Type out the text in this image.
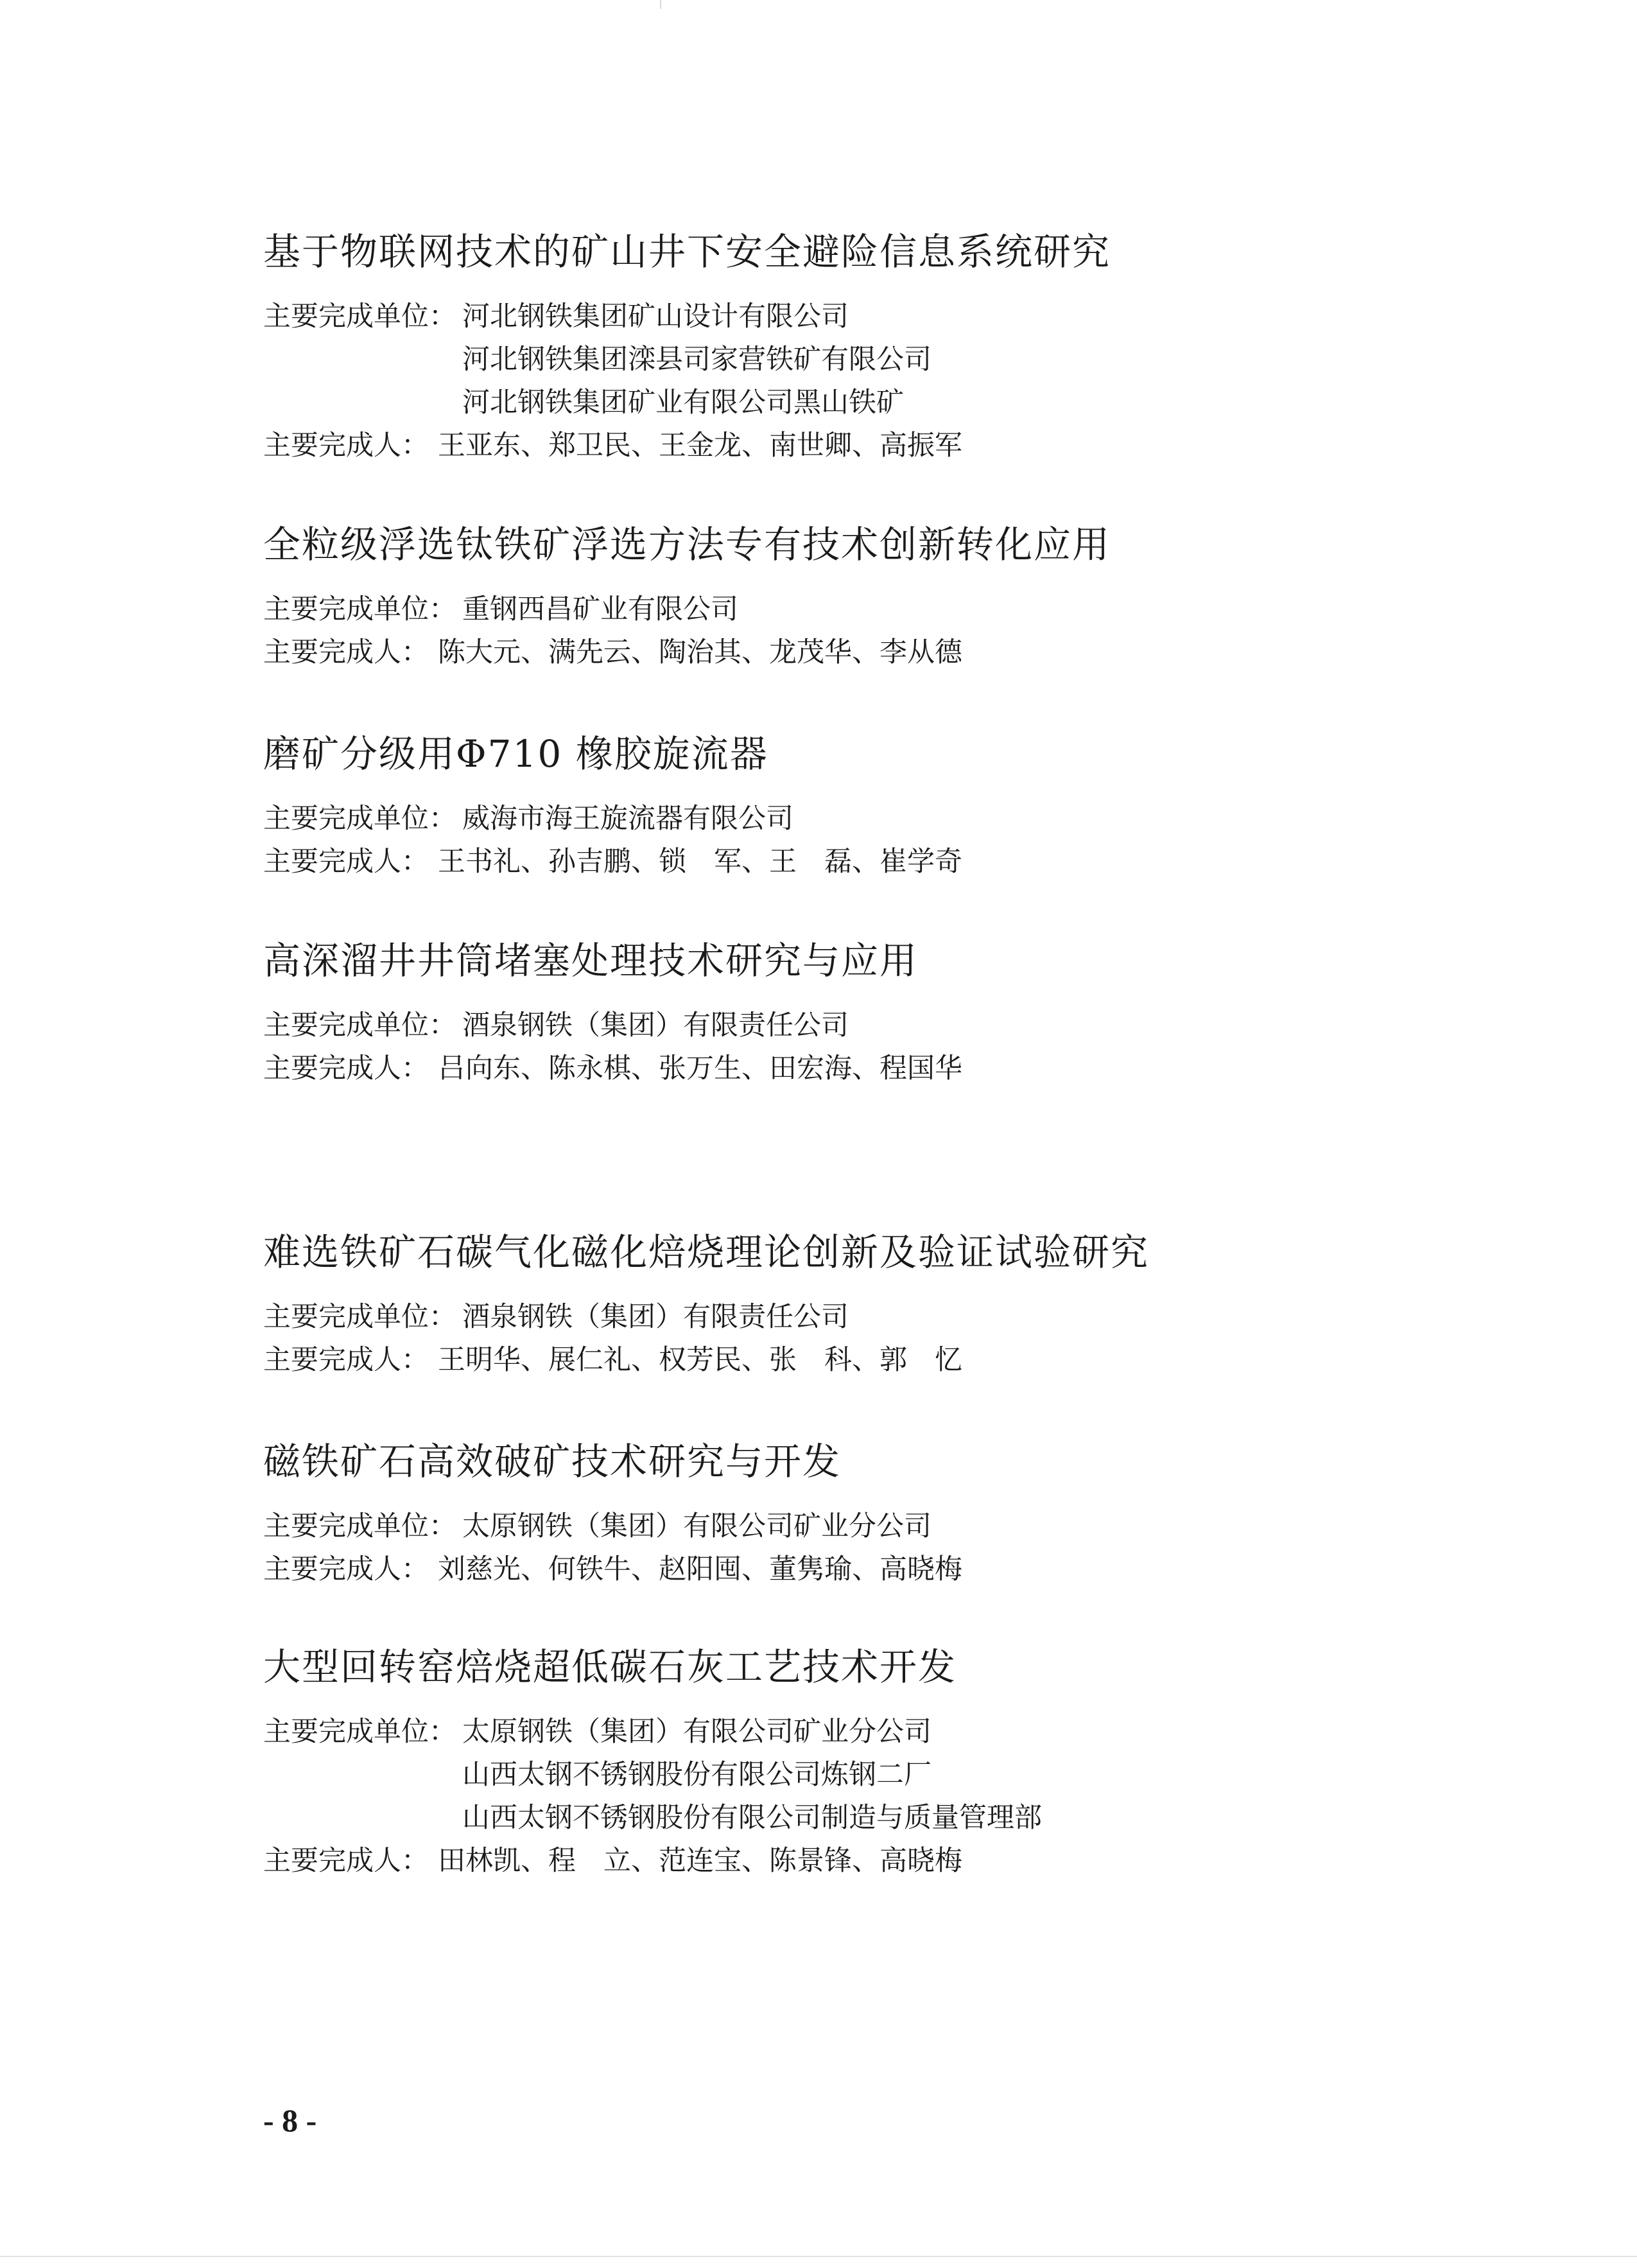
基于物联网技术的矿山井下安全避险信息系统研究
主要完成单位： 河北钢铁集团矿山设计有限公司
河北钢铁集团滦县司家营铁矿有限公司
河北钢铁集团矿业有限公司黑山铁矿
主要完成人： 王亚东、郑卫民、王金龙、南世卿、高振军
全粒级浮选钛铁矿浮选方法专有技术创新转化应用
主要完成单位： 重钢西昌矿业有限公司
主要完成人： 陈大元、满先云、陶治其、龙茂华、李从德
磨矿分级用Φ710 橡胶旋流器
主要完成单位： 威海市海王旋流器有限公司
主要完成人： 王书礼、孙吉鹏、锁　军、王　磊、崔学奇
高深溜井井筒堵塞处理技术研究与应用
主要完成单位： 酒泉钢铁（集团）有限责任公司
主要完成人： 吕向东、陈永棋、张万生、田宏海、程国华
难选铁矿石碳气化磁化焙烧理论创新及验证试验研究
主要完成单位： 酒泉钢铁（集团）有限责任公司
主要完成人： 王明华、展仁礼、权芳民、张　科、郭　忆
磁铁矿石高效破矿技术研究与开发
主要完成单位： 太原钢铁（集团）有限公司矿业分公司
主要完成人： 刘慈光、何铁牛、赵阳囤、董隽瑜、高晓梅
大型回转窑焙烧超低碳石灰工艺技术开发
主要完成单位： 太原钢铁（集团）有限公司矿业分公司
山西太钢不锈钢股份有限公司炼钢二厂
山西太钢不锈钢股份有限公司制造与质量管理部
主要完成人： 田林凯、程　立、范连宝、陈景锋、高晓梅
- 8 -
